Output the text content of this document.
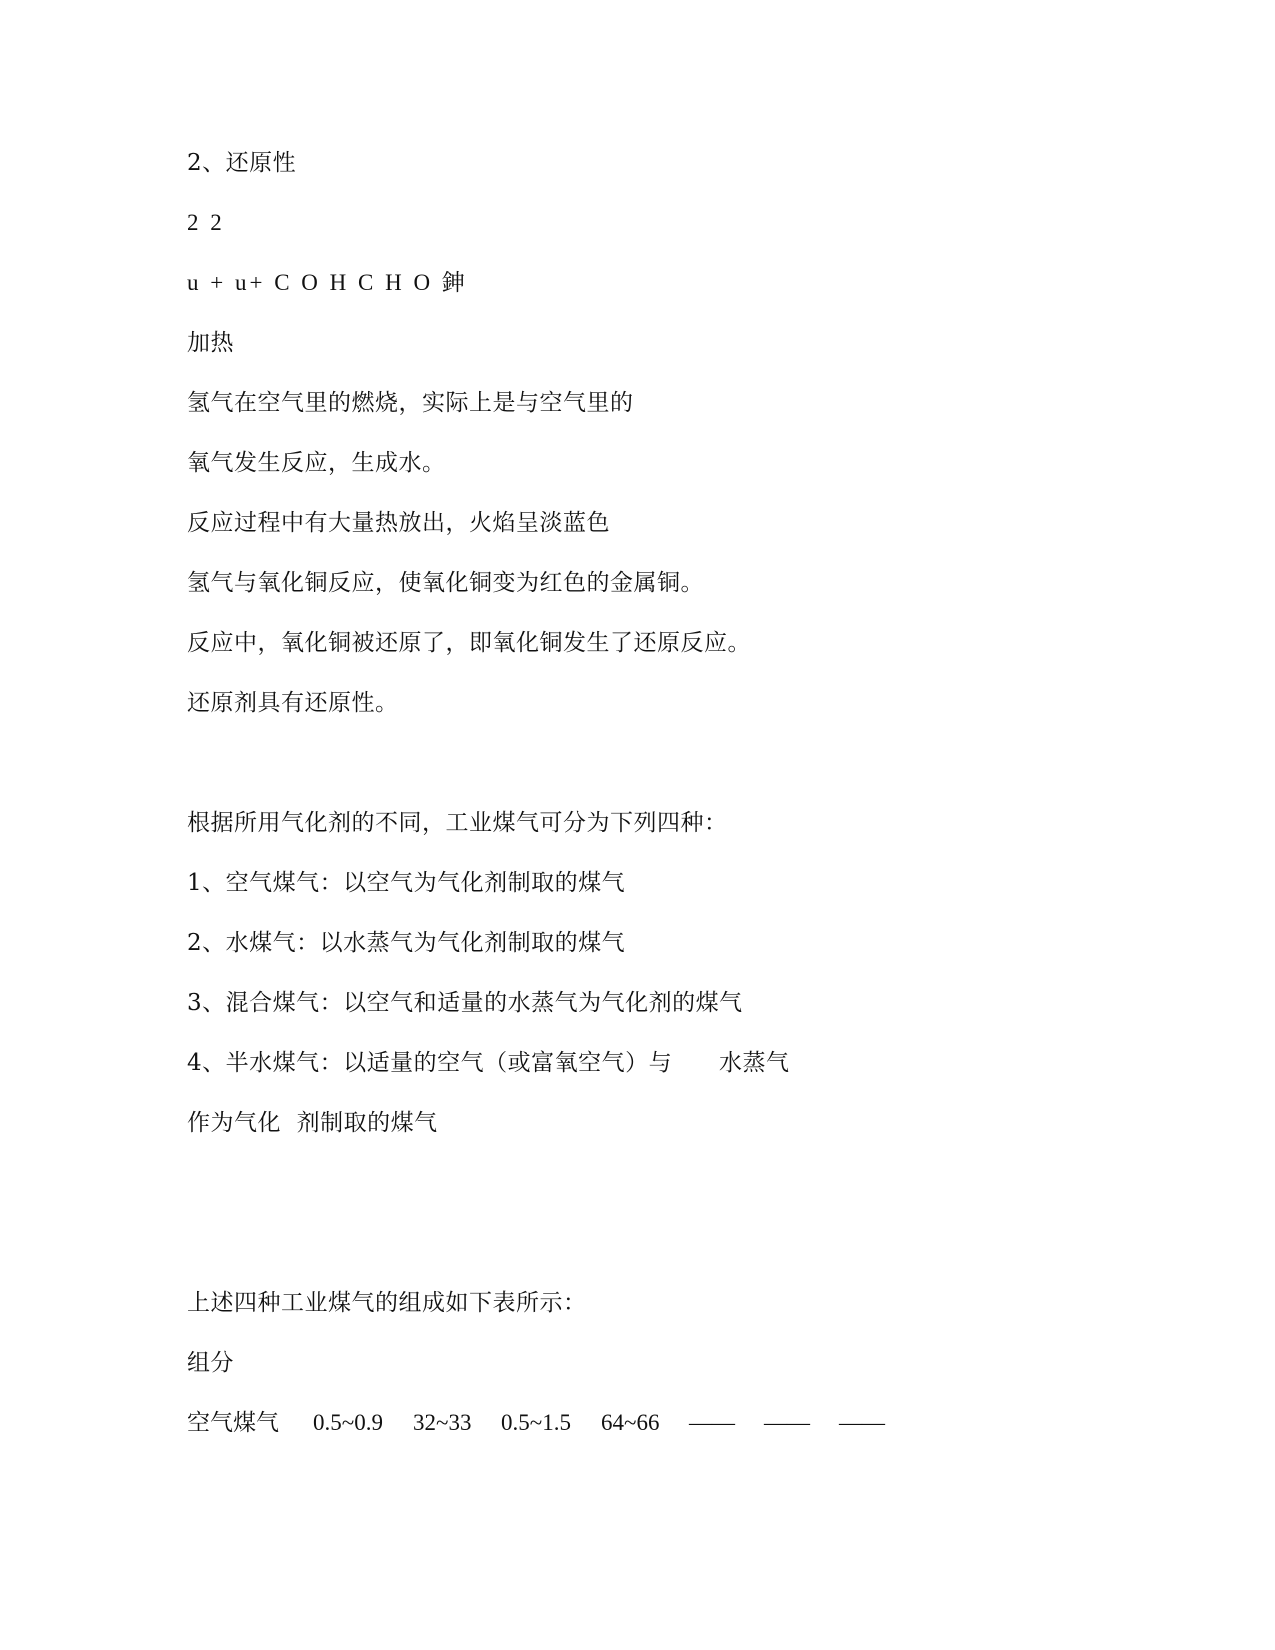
2、还原性
2 2
u + u+ C O H C H O 鉮
加热
氢气在空气里的燃烧，实际上是与空气里的
氧气发生反应，生成水。
反应过程中有大量热放出，火焰呈淡蓝色
氢气与氧化铜反应，使氧化铜变为红色的金属铜。
反应中，氧化铜被还原了，即氧化铜发生了还原反应。
还原剂具有还原性。
根据所用气化剂的不同，工业煤气可分为下列四种：
1、空气煤气：以空气为气化剂制取的煤气
2、水煤气：以水蒸气为气化剂制取的煤气
3、混合煤气：以空气和适量的水蒸气为气化剂的煤气
4、半水煤气：以适量的空气（或富氧空气）与      水蒸气
作为气化  剂制取的煤气
上述四种工业煤气的组成如下表所示：
组分
空气煤气	0.5~0.9	32~33	0.5~1.5	64~66	——	——	——
